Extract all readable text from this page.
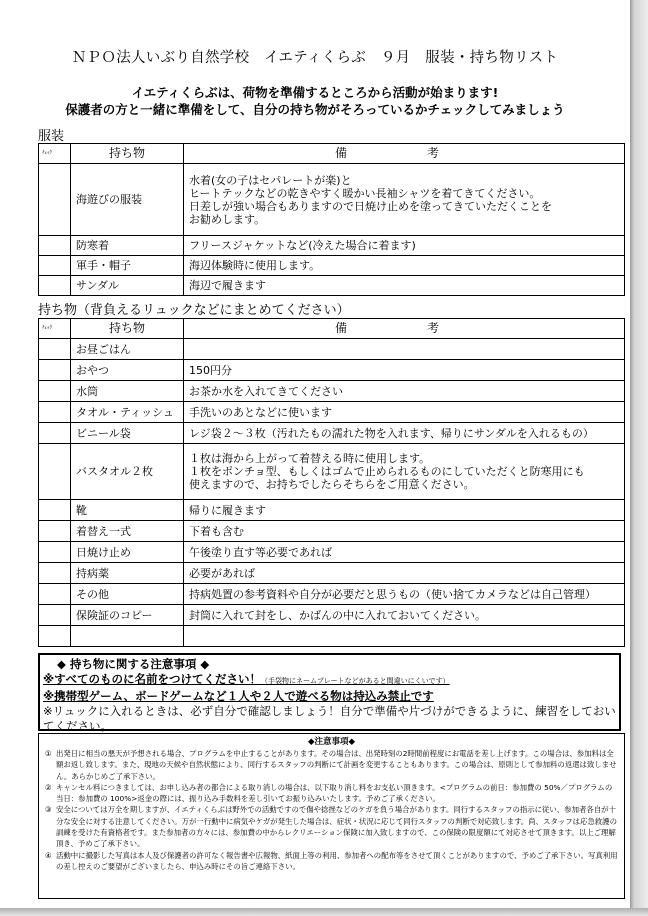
ＮＰＯ法人いぶり自然学校　イエティくらぶ　９月　服装・持ち物リスト
イエティくらぶは、荷物を準備するところから活動が始まります!
保護者の方と一緒に準備をして、自分の持ち物がそろっているかチェックしてみましょう
服装
ﾁｪｯｸ	持ち物	備　考
	海遊びの服装	水着(女の子はセパレートが楽)と
ヒートテックなどの乾きやすく暖かい長袖シャツを着てきてください。
日差しが強い場合もありますので日焼け止めを塗ってきていただくことを
お勧めします。

	防寒着	フリースジャケットなど(冷えた場合に着ます)

	軍手・帽子	海辺体験時に使用します。

	サンダル	海辺で履きます
持ち物（背負えるリュックなどにまとめてください）
ﾁｪｯｸ	持ち物	備　考
	お昼ごはん	

	おやつ	150円分

	水筒	お茶か水を入れてきてください

	タオル・ティッシュ	手洗いのあとなどに使います

	ビニール袋	レジ袋２～３枚（汚れたもの濡れた物を入れます、帰りにサンダルを入れるもの）

	バスタオル２枚	１枚は海から上がって着替える時に使用します。
１枚をポンチョ型、もしくはゴムで止められるものにしていただくと防寒用にも
使えますので、お持ちでしたらそちらをご用意ください。

	靴	帰りに履きます

	着替え一式	下着も含む

	日焼け止め	午後塗り直す等必要であれば

	持病薬	必要があれば

	その他	持病処置の参考資料や自分が必要だと思うもの（使い捨てカメラなどは自己管理）

	保険証のコピー	封筒に入れて封をし、かばんの中に入れておいてください。

◆ 持ち物に関する注意事項 ◆
※すべてのものに名前をつけてください！（手袋物にネームプレートなどがあると間違いにくいです）
※携帯型ゲーム、ボードゲームなど１人や２人で遊べる物は持込み禁止です
※リュックに入れるときは、必ず自分で確認しましょう！自分で準備や片づけができるように、練習をしておいてください。
◆注意事項◆
① 出発日に相当の悪天が予想される場合、プログラムを中止することがあります。その場合は、出発時刻の2時間前程度にお電話を差し上げます。この場合は、参加料は全額お返し致します。また、現地の天候や自然状態により、同行するスタッフの判断にて計画を変更することもあります。この場合は、原則として参加料の返還は致しません。あらかじめご了承下さい。
② キャンセル料につきましては、お申し込み者の都合による取り消しの場合は、以下取り消し料をお支払い頂きます。<プログラムの前日：参加費の 50%／プログラムの当日：参加費の 100%>返金の際には、振り込み手数料を差し引いてお振り込みいたします。予めご了承ください。
③ 安全については万全を期しますが、イエティくらぶは野外での活動ですので傷や捻挫などのケガを負う場合があります。同行するスタッフの指示に従い、参加者各自が十分な安全に対する注意してください。万が一行動中に病気やケガが発生した場合は、症状・状況に応じて同行スタッフの判断で対応致します。尚、スタッフは応急救護の訓練を受けた有資格者です。また参加者の方々には、参加費の中からレクリエーション保険に加入致しますので、この保険の限度額にて対応させて頂きます。以上ご理解頂き、予めご了承下さい。
④ 活動中に撮影した写真は本人及び保護者の許可なく報告書や広報物、紙面上等の利用、参加者への配布等をさせて頂くことがありますので、予めご了承下さい。写真利用の差し控えのご要望がございましたら、申込み時にその旨ご連絡下さい。
